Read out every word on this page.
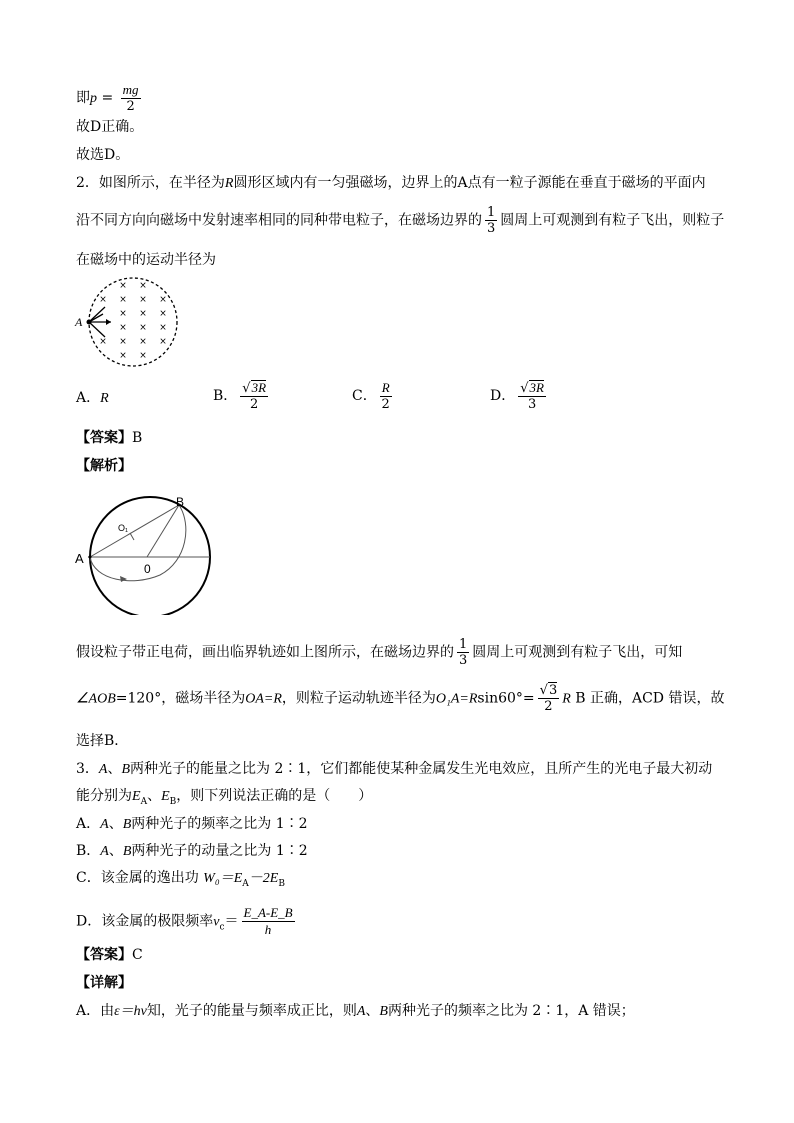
即$p = \frac{mg}{2}$
故D正确。
故选D。
2．如图所示，在半径为R圆形区域内有一匀强磁场，边界上的A点有一粒子源能在垂直于磁场的平面内
沿不同方向向磁场中发射速率相同的同种带电粒子，在磁场边界的 $\frac{1}{3}$ 圆周上可观测到有粒子飞出，则粒子
在磁场中的运动半径为
× ×
× × × ×
× × ×
× × ×
× × × ×
× ×
A
A．R	B． $\frac{√3R}{2}$	C． $\frac{R}{2}$	D． $\frac{√3R}{3}$
【答案】B
【解析】
A
B
0
O₁
假设粒子带正电荷，画出临界轨迹如上图所示，在磁场边界的 $\frac{1}{3}$ 圆周上可观测到有粒子飞出，可知
∠AOB=120°，磁场半径为OA=R，则粒子运动轨迹半径为$O_1A=Rsin60^\circ= \frac{√3}{2}$ R B 正确，ACD 错误，故
选择B．
3．A、B两种光子的能量之比为 2∶1，它们都能使某种金属发生光电效应，且所产生的光电子最大初动
能分别为$E_A$、$E_B$，则下列说法正确的是（　　）
A．A、B两种光子的频率之比为 1∶2
B．A、B两种光子的动量之比为 1∶2
C．该金属的逸出功 $W_0=E_A-2E_B$
D．该金属的极限频率$\nu_c= \frac{E\_A-E\_B}{h}$
【答案】C
【详解】
A．由ε＝hν知，光子的能量与频率成正比，则A、B两种光子的频率之比为 2∶1，A 错误；
